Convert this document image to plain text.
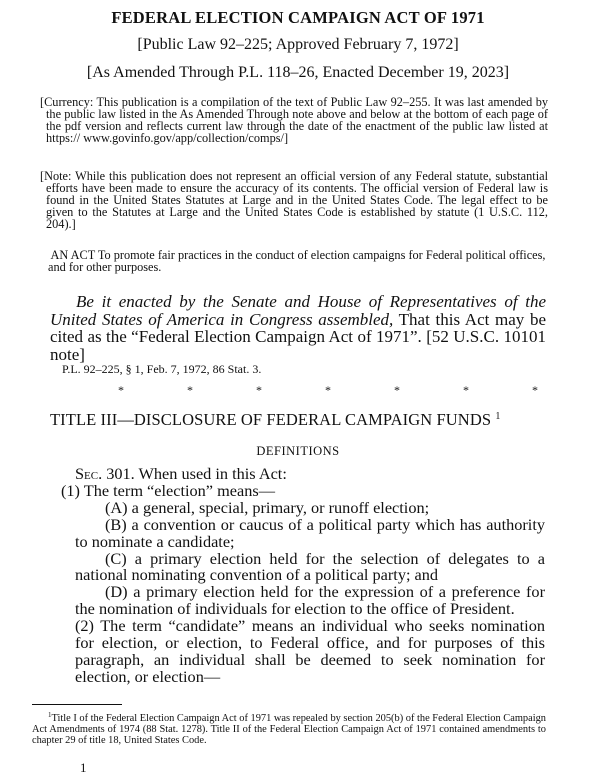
FEDERAL ELECTION CAMPAIGN ACT OF 1971
[Public Law 92–225; Approved February 7, 1972]
[As Amended Through P.L. 118–26, Enacted December 19, 2023]
[Currency: This publication is a compilation of the text of Public Law 92–255. It was last amended by the public law listed in the As Amended Through note above and below at the bottom of each page of the pdf version and reflects current law through the date of the enactment of the public law listed at https:// www.govinfo.gov/app/collection/comps/]
[Note: While this publication does not represent an official version of any Federal statute, substantial efforts have been made to ensure the accuracy of its contents. The official version of Federal law is found in the United States Statutes at Large and in the United States Code. The legal effect to be given to the Statutes at Large and the United States Code is established by statute (1 U.S.C. 112, 204).]
AN ACT To promote fair practices in the conduct of election campaigns for Federal political offices, and for other purposes.
Be it enacted by the Senate and House of Representatives of the United States of America in Congress assembled, That this Act may be cited as the “Federal Election Campaign Act of 1971”. [52 U.S.C. 10101 note]
P.L. 92–225, § 1, Feb. 7, 1972, 86 Stat. 3.
*	*	*	*	*	*	*
TITLE III—DISCLOSURE OF FEDERAL CAMPAIGN FUNDS $^1$
DEFINITIONS

Sec. 301. When used in this Act:

(1) The term “election” means—

(A) a general, special, primary, or runoff election;

(B) a convention or caucus of a political party which has authority to nominate a candidate;

(C) a primary election held for the selection of delegates to a national nominating convention of a political party; and

(D) a primary election held for the expression of a preference for the nomination of individuals for election to the office of President.

(2) The term “candidate” means an individual who seeks nomination for election, or election, to Federal office, and for purposes of this paragraph, an individual shall be deemed to seek nomination for election, or election—

$^1$Title I of the Federal Election Campaign Act of 1971 was repealed by section 205(b) of the Federal Election Campaign Act Amendments of 1974 (88 Stat. 1278). Title II of the Federal Election Campaign Act of 1971 contained amendments to chapter 29 of title 18, United States Code.
1
